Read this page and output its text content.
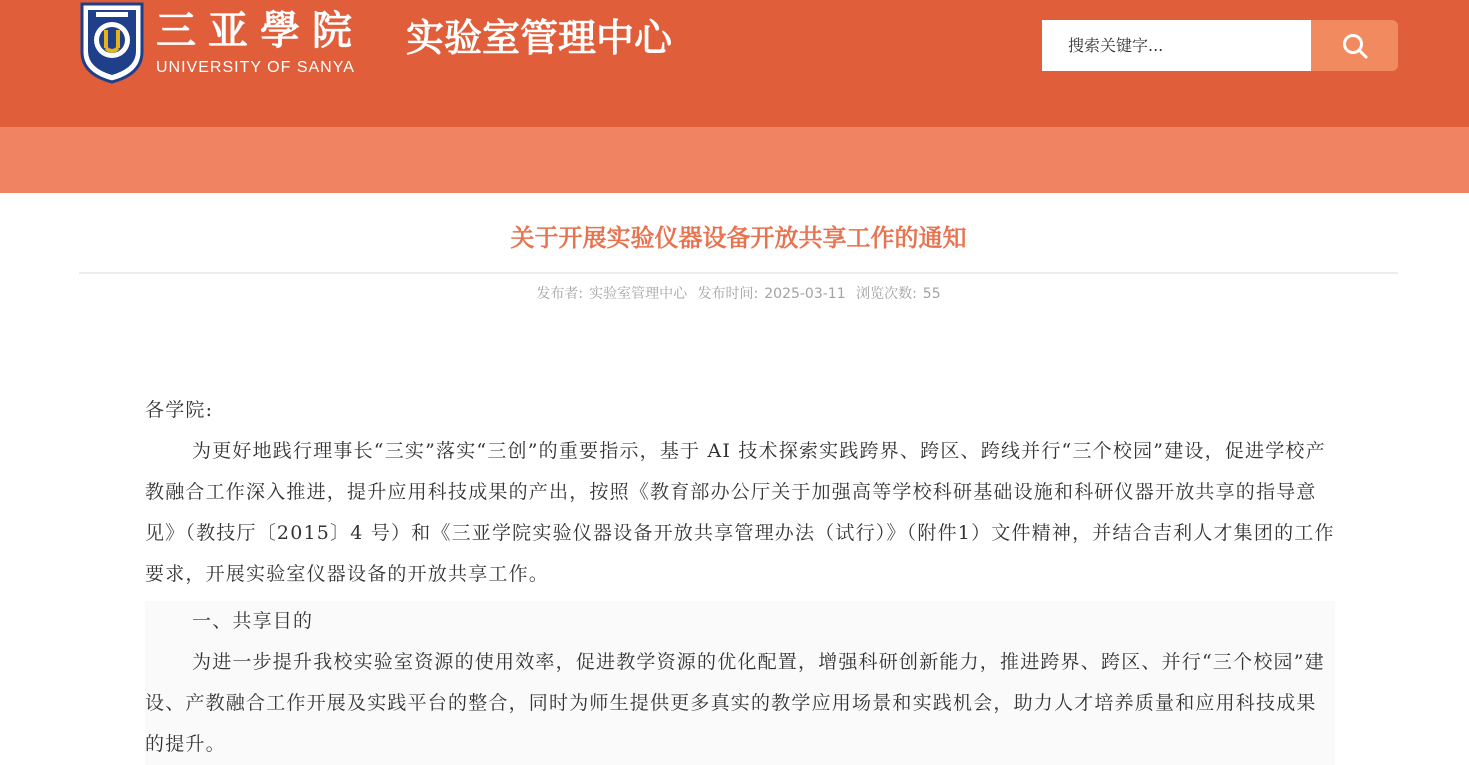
三亚學院
UNIVERSITY OF SANYA
实验室管理中心
搜索关键字...
关于开展实验仪器设备开放共享工作的通知
发布者: 实验室管理中心 发布时间: 2025-03-11 浏览次数: 55

各学院:

为更好地践行理事长“三实”落实“三创”的重要指示，基于 AI 技术探索实践跨界、跨区、跨线并行“三个校园”建设，促进学校产教融合工作深入推进，提升应用科技成果的产出，按照《教育部办公厅关于加强高等学校科研基础设施和科研仪器开放共享的指导意见》（教技厅〔2015〕4 号）和《三亚学院实验仪器设备开放共享管理办法（试行）》（附件1）文件精神，并结合吉利人才集团的工作要求，开展实验室仪器设备的开放共享工作。

一、共享目的

为进一步提升我校实验室资源的使用效率，促进教学资源的优化配置，增强科研创新能力，推进跨界、跨区、并行“三个校园”建设、产教融合工作开展及实践平台的整合，同时为师生提供更多真实的教学应用场景和实践机会，助力人才培养质量和应用科技成果的提升。
